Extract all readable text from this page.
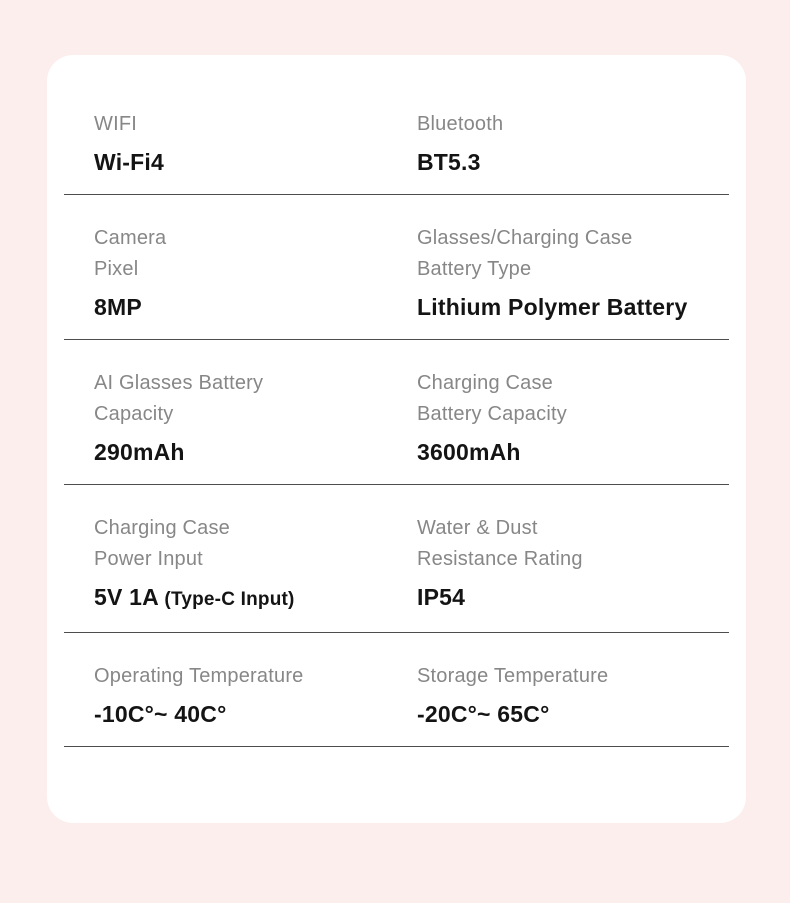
WIFI
Wi-Fi4
Bluetooth
BT5.3
Camera
Pixel
8MP
Glasses/Charging Case
Battery Type
Lithium Polymer Battery
AI Glasses Battery
Capacity
290mAh
Charging Case
Battery Capacity
3600mAh
Charging Case
Power Input
5V 1A (Type-C Input)
Water & Dust
Resistance Rating
IP54
Operating Temperature
-10C°~ 40C°
Storage Temperature
-20C°~ 65C°
